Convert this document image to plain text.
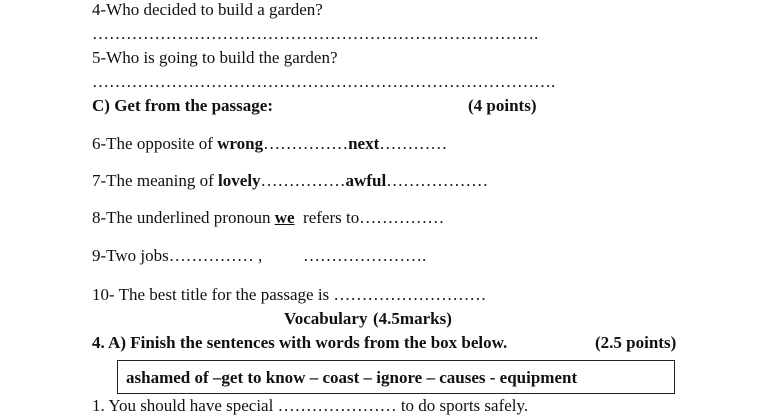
4-Who decided to build a garden?
…………………………………………………………………….
5-Who is going to build the garden?
……………………………………………………………………….
C) Get from the passage:	(4 points)
6-The opposite of wrong……………next…………
7-The meaning of lovely……………awful………………
8-The underlined pronoun we  refers to……………
9-Two jobs…………… , ………………….
10- The best title for the passage is ………………………
Vocabulary (4.5marks)
4. A) Finish the sentences with words from the box below.	(2.5 points)
ashamed of –get to know – coast – ignore – causes - equipment
1. You should have special ………………… to do sports safely.
